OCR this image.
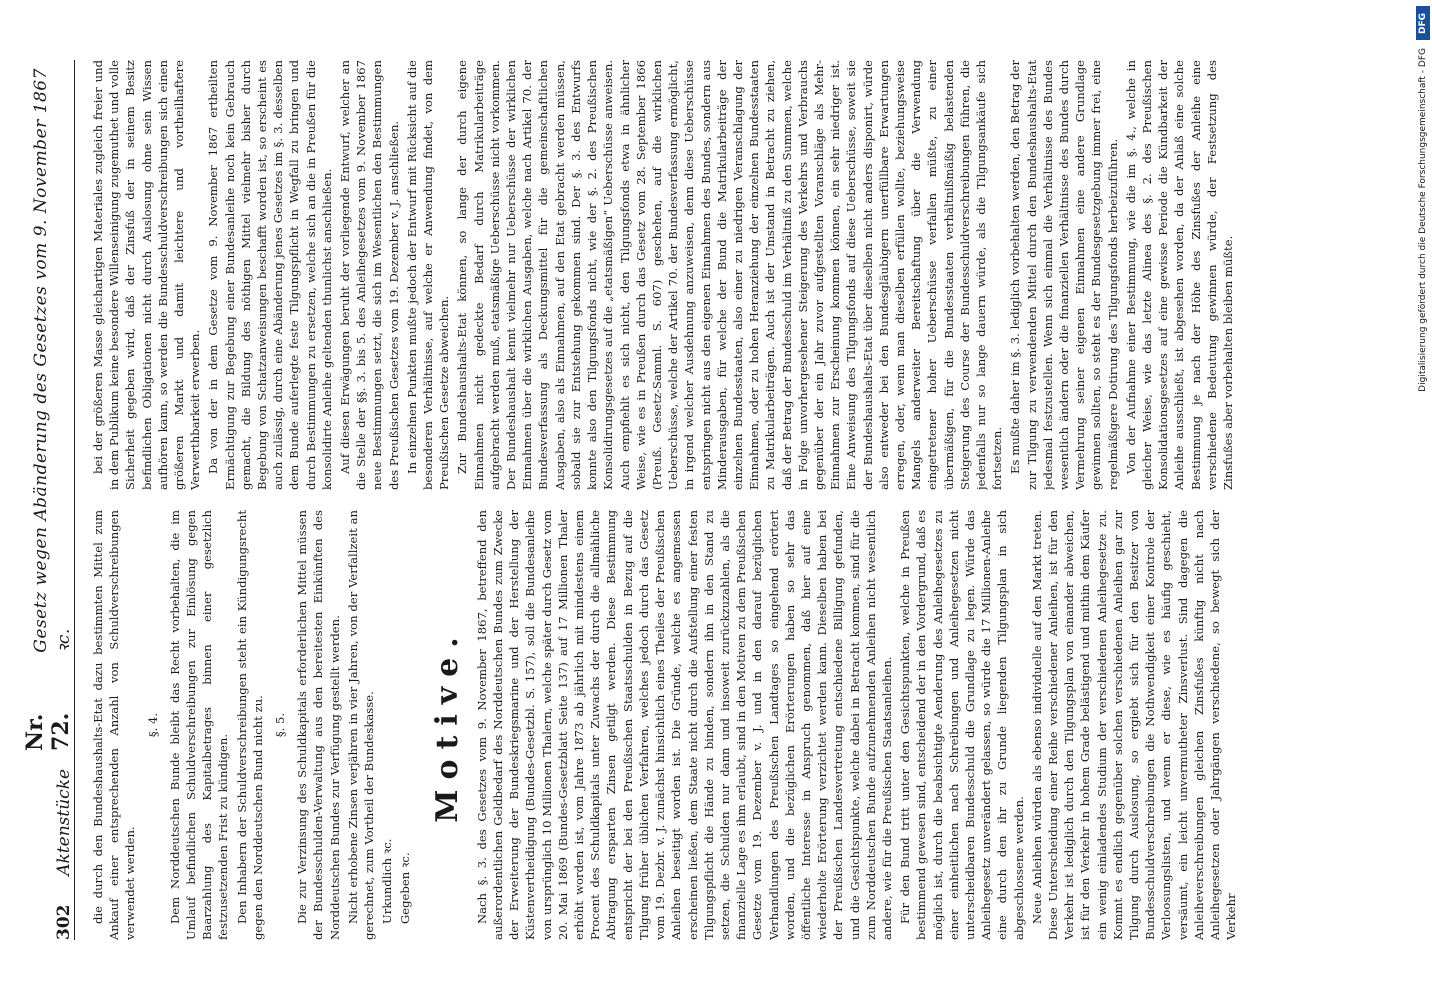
302
Aktenstücke
Nr. 72.
Gesetz wegen Abänderung des Gesetzes vom 9. November 1867 ꝛc. die durch den Bundeshaushalts-Etat dazu bestimmten Mittel zum Ankauf einer entsprechenden Anzahl von Schuldverschreibungen verwendet werden.

§. 4. Dem Norddeutschen Bunde bleibt das Recht vorbehalten, die im Umlauf befindlichen Schuldverschreibungen zur Einlösung gegen Baarzahlung des Kapitalbetrages binnen einer gesetzlich festzusetzenden Frist zu kündigen. Den Inhabern der Schuldverschreibungen steht ein Kündigungsrecht gegen den Norddeutschen Bund nicht zu. §. 5. Die zur Verzinsung des Schuldkapitals erforderlichen Mittel müssen der Bundesschulden-Verwaltung aus den bereitesten Einkünften des Norddeutschen Bundes zur Verfügung gestellt werden. Nicht erhobene Zinsen verjähren in vier Jahren, von der Verfallzeit an gerechnet, zum Vortheil der Bundeskasse. Urkundlich ꝛc. Gegeben ꝛc.

Motive. Nach §. 3. des Gesetzes vom 9. November 1867, betreffend den außerordentlichen Geldbedarf des Norddeutschen Bundes zum Zwecke der Erweiterung der Bundeskriegsmarine und der Herstellung der Küstenvertheidigung (Bundes-Gesetzbl. S. 157), soll die Bundesanleihe von ursprünglich 10 Millionen Thalern, welche später durch Gesetz vom 20. Mai 1869 (Bundes-Gesetzblatt Seite 137) auf 17 Millionen Thaler erhöht worden ist, vom Jahre 1873 ab jährlich mit mindestens einem Procent des Schuldkapitals unter Zuwachs der durch die allmähliche Abtragung ersparten Zinsen getilgt werden. Diese Bestimmung entspricht der bei den Preußischen Staatsschulden in Bezug auf die Tilgung früher üblichen Verfahren, welches jedoch durch das Gesetz vom 19. Dezbr. v. J. zunächst hinsichtlich eines Theiles der Preußischen Anleihen beseitigt worden ist. Die Gründe, welche es angemessen erscheinen ließen, dem Staate nicht durch die Aufstellung einer festen Tilgungspflicht die Hände zu binden, sondern ihn in den Stand zu setzen, die Schulden nur dann und insoweit zurückzuzahlen, als die finanzielle Lage es ihm erlaubt, sind in den Motiven zu dem Preußischen Gesetze vom 19. Dezember v. J. und in den darauf bezüglichen Verhandlungen des Preußischen Landtages so eingehend erörtert worden, und die bezüglichen Erörterungen haben so sehr das öffentliche Interesse in Anspruch genommen, daß hier auf eine wiederholte Erörterung verzichtet werden kann. Dieselben haben bei der Preußischen Landesvertretung entschiedene Billigung gefunden, und die Gesichtspunkte, welche dabei in Betracht kommen, sind für die zum Norddeutschen Bunde aufzunehmenden Anleihen nicht wesentlich andere, wie für die Preußischen Staatsanleihen. Für den Bund tritt unter den Gesichtspunkten, welche in Preußen bestimmend gewesen sind, entscheidend der in den Vordergrund, daß es möglich ist, durch die beabsichtigte Aenderung des Anleihegesetzes zu einer einheitlichen nach Schreibungen und Anleihegesetzen nicht unterscheidbaren Bundesschuld die Grundlage zu legen. Würde das Anleihegesetz unverändert gelassen, so würde die 17 Millionen-Anleihe eine durch den ihr zu Grunde liegenden Tilgungsplan in sich abgeschlossene werden. Neue Anleihen würden als ebenso individuelle auf den Markt treten. Diese Unterscheidung einer Reihe verschiedener Anleihen, ist für den Verkehr ist lediglich durch den Tilgungsplan von einander abweichen, ist für den Verkehr in hohem Grade belästigend und mithin dem Käufer ein wenig einladendes Studium der verschiedenen Anleihegesetze zu. Kommt es endlich gegenüber solchen verschiedenen Anleihen gar zur Tilgung durch Auslosung, so ergiebt sich für den Besitzer von Bundesschuldverschreibungen die Nothwendigkeit einer Kontrole der Verloosungslisten, und wenn er diese, wie es häufig geschieht, versäumt, ein leicht unvermutheter Zinsverlust. Sind dagegen die Anleiheverschreibungen gleichen Zinsfußes künftig nicht nach Anleihegesetzen oder Jahrgängen verschiedene, so bewegt sich der Verkehr

bei der größeren Masse gleichartigen Materiales zugleich freier und in dem Publikum keine besondere Willenseinigung zugemuthet und volle Sicherheit gegeben wird, daß der Zinsfuß der in seinem Besitz befindlichen Obligationen nicht durch Auslosung ohne sein Wissen aufhören kann, so werden die Bundesschuldverschreibungen sich einen größeren Markt und damit leichtere und vortheilhaftere Verwerthbarkeit erwerben. Da von der in dem Gesetze vom 9. November 1867 ertheilten Ermächtigung zur Begebung einer Bundesanleihe noch kein Gebrauch gemacht, die Bildung des nöthigen Mittel vielmehr bisher durch Begebung von Schatzanweisungen beschafft worden ist, so erscheint es auch zulässig, durch eine Abänderung jenes Gesetzes im §. 3. desselben dem Bunde auferlegte feste Tilgungspflicht in Wegfall zu bringen und durch Bestimmungen zu ersetzen, welche sich an die in Preußen für die konsolidirte Anleihe geltenden thunlichst anschließen. Auf diesen Erwägungen beruht der vorliegende Entwurf, welcher an die Stelle der §§. 3. bis 5. des Anleihegesetzes vom 9. November 1867 neue Bestimmungen setzt, die sich im Wesentlichen den Bestimmungen des Preußischen Gesetzes vom 19. Dezember v. J. anschließen. In einzelnen Punkten mußte jedoch der Entwurf mit Rücksicht auf die besonderen Verhältnisse, auf welche er Anwendung findet, von dem Preußischen Gesetze abweichen. Zur Bundeshaushalts-Etat können, so lange der durch eigene Einnahmen nicht gedeckte Bedarf durch Matrikularbeiträge aufgebracht werden muß, etatsmäßige Ueberschüsse nicht vorkommen. Der Bundeshaushalt kennt vielmehr nur Ueberschüsse der wirklichen Einnahmen über die wirklichen Ausgaben, welche nach Artikel 70. der Bundesverfassung als Deckungsmittel für die gemeinschaftlichen Ausgaben, also als Einnahmen, auf den Etat gebracht werden müssen, sobald sie zur Entstehung gekommen sind. Der §. 3. des Entwurfs konnte also den Tilgungsfonds nicht, wie der §. 2. des Preußischen Konsolidirungsgesetzes auf die „etatsmäßigen“ Ueberschüsse anweisen. Auch empfiehlt es sich nicht, den Tilgungsfonds etwa in ähnlicher Weise, wie es in Preußen durch das Gesetz vom 28. September 1866 (Preuß. Gesetz-Samml. S. 607) geschehen, auf die wirklichen Ueberschüsse, welche der Artikel 70. der Bundesverfassung ermöglicht, in irgend welcher Ausdehnung anzuweisen, denn diese Ueberschüsse entspringen nicht aus den eigenen Einnahmen des Bundes, sondern aus Minderausgaben, für welche der Bund die Matrikularbeiträge der einzelnen Bundesstaaten, also einer zu niedrigen Veranschlagung der Einnahmen, oder zu hohen Heranziehung der einzelnen Bundesstaaten zu Matrikularbeiträgen. Auch ist der Umstand in Betracht zu ziehen, daß der Betrag der Bundesschuld im Verhältniß zu den Summen, welche in Folge unvorhergesehener Steigerung des Verkehrs und Verbrauchs gegenüber der ein Jahr zuvor aufgestellten Voranschläge als Mehr-Einnahmen zur Erscheinung kommen können, ein sehr niedriger ist. Eine Anweisung des Tilgungsfonds auf diese Ueberschüsse, soweit sie der Bundeshaushalts-Etat über dieselben nicht anders disponirt, würde also entweder bei den Bundesgläubigern unerfüllbare Erwartungen erregen, oder, wenn man dieselben erfüllen wollte, beziehungsweise Mangels anderweiter Bereitschaftung über die Verwendung eingetretener hoher Ueberschüsse verfallen müßte, zu einer übermäßigen, für die Bundesstaaten verhältnißmäßig belastenden Steigerung des Course der Bundesschuldverschreibungen führen, die jedenfalls nur so lange dauern würde, als die Tilgungsankäufe sich fortsetzen. Es mußte daher im §. 3. lediglich vorbehalten werden, den Betrag der zur Tilgung zu verwendenden Mittel durch den Bundeshaushalts-Etat jedesmal festzustellen. Wenn sich einmal die Verhältnisse des Bundes wesentlich ändern oder die finanziellen Verhältnisse des Bundes durch Vermehrung seiner eigenen Einnahmen eine andere Grundlage gewinnen sollten, so steht es der Bundesgesetzgebung immer frei, eine regelmäßigere Dotirung des Tilgungsfonds herbeizuführen. Von der Aufnahme einer Bestimmung, wie die im §. 4., welche in gleicher Weise, wie das letzte Alinea des §. 2. des Preußischen Konsolidationsgesetzes auf eine gewisse Periode die Kündbarkeit der Anleihe ausschließt, ist abgesehen worden, da der Anlaß eine solche Bestimmung je nach der Höhe des Zinsfußes der Anleihe eine verschiedene Bedeutung gewinnen würde, der Festsetzung des Zinsfußes aber vorbehalten bleiben müßte.

DFG
Digitalisierung gefördert durch die Deutsche Forschungsgemeinschaft - DFG
